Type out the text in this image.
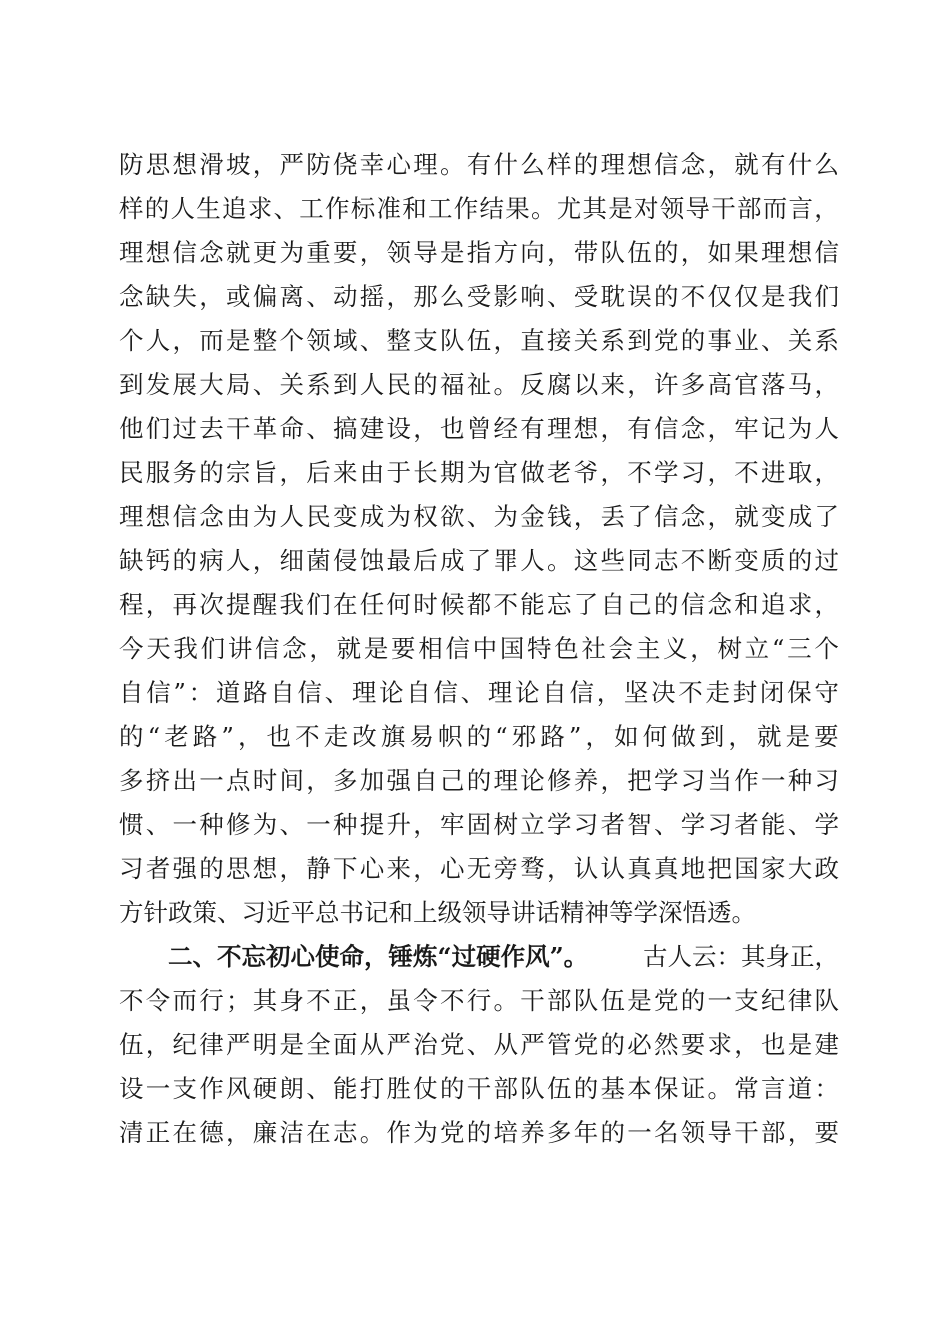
防 思 想 滑 坡 ， 严 防 侥 幸 心 理 。 有 什 么 样 的 理 想 信 念 ， 就 有 什 么
样 的 人 生 追 求 、 工 作 标 准 和 工 作 结 果 。 尤 其 是 对 领 导 干 部 而 言 ，
理 想 信 念 就 更 为 重 要 ， 领 导 是 指 方 向 ， 带 队 伍 的 ， 如 果 理 想 信
念 缺 失 ， 或 偏 离 、 动 摇 ， 那 么 受 影 响 、 受 耽 误 的 不 仅 仅 是 我 们
个 人 ， 而 是 整 个 领 域 、 整 支 队 伍 ， 直 接 关 系 到 党 的 事 业 、 关 系
到 发 展 大 局 、 关 系 到 人 民 的 福 祉 。 反 腐 以 来 ， 许 多 高 官 落 马 ，
他 们 过 去 干 革 命 、 搞 建 设 ， 也 曾 经 有 理 想 ， 有 信 念 ， 牢 记 为 人
民 服 务 的 宗 旨 ， 后 来 由 于 长 期 为 官 做 老 爷 ， 不 学 习 ， 不 进 取 ，
理 想 信 念 由 为 人 民 变 成 为 权 欲 、 为 金 钱 ， 丢 了 信 念 ， 就 变 成 了
缺 钙 的 病 人 ， 细 菌 侵 蚀 最 后 成 了 罪 人 。 这 些 同 志 不 断 变 质 的 过
程 ， 再 次 提 醒 我 们 在 任 何 时 候 都 不 能 忘 了 自 己 的 信 念 和 追 求 ，
今 天 我 们 讲 信 念 ， 就 是 要 相 信 中 国 特 色 社 会 主 义 ， 树 立 “ 三 个
自 信 ” ： 道 路 自 信 、 理 论 自 信 、 理 论 自 信 ， 坚 决 不 走 封 闭 保 守
的 “ 老 路 ” ， 也 不 走 改 旗 易 帜 的 “ 邪 路 ” ， 如 何 做 到 ， 就 是 要
多 挤 出 一 点 时 间 ， 多 加 强 自 己 的 理 论 修 养 ， 把 学 习 当 作 一 种 习
惯 、 一 种 修 为 、 一 种 提 升 ， 牢 固 树 立 学 习 者 智 、 学 习 者 能 、 学
习 者 强 的 思 想 ， 静 下 心 来 ， 心 无 旁 骛 ， 认 认 真 真 地 把 国 家 大 政
方针政策、习近平总书记和上级领导讲话精神等学深悟透。
二、不忘初心使命，锤炼“过硬作风”。 古人云：其身正，
不 令 而 行 ； 其 身 不 正 ， 虽 令 不 行 。 干 部 队 伍 是 党 的 一 支 纪 律 队
伍 ， 纪 律 严 明 是 全 面 从 严 治 党 、 从 严 管 党 的 必 然 要 求 ， 也 是 建
设 一 支 作 风 硬 朗 、 能 打 胜 仗 的 干 部 队 伍 的 基 本 保 证 。 常 言 道 ：
清 正 在 德 ， 廉 洁 在 志 。 作 为 党 的 培 养 多 年 的 一 名 领 导 干 部 ， 要
